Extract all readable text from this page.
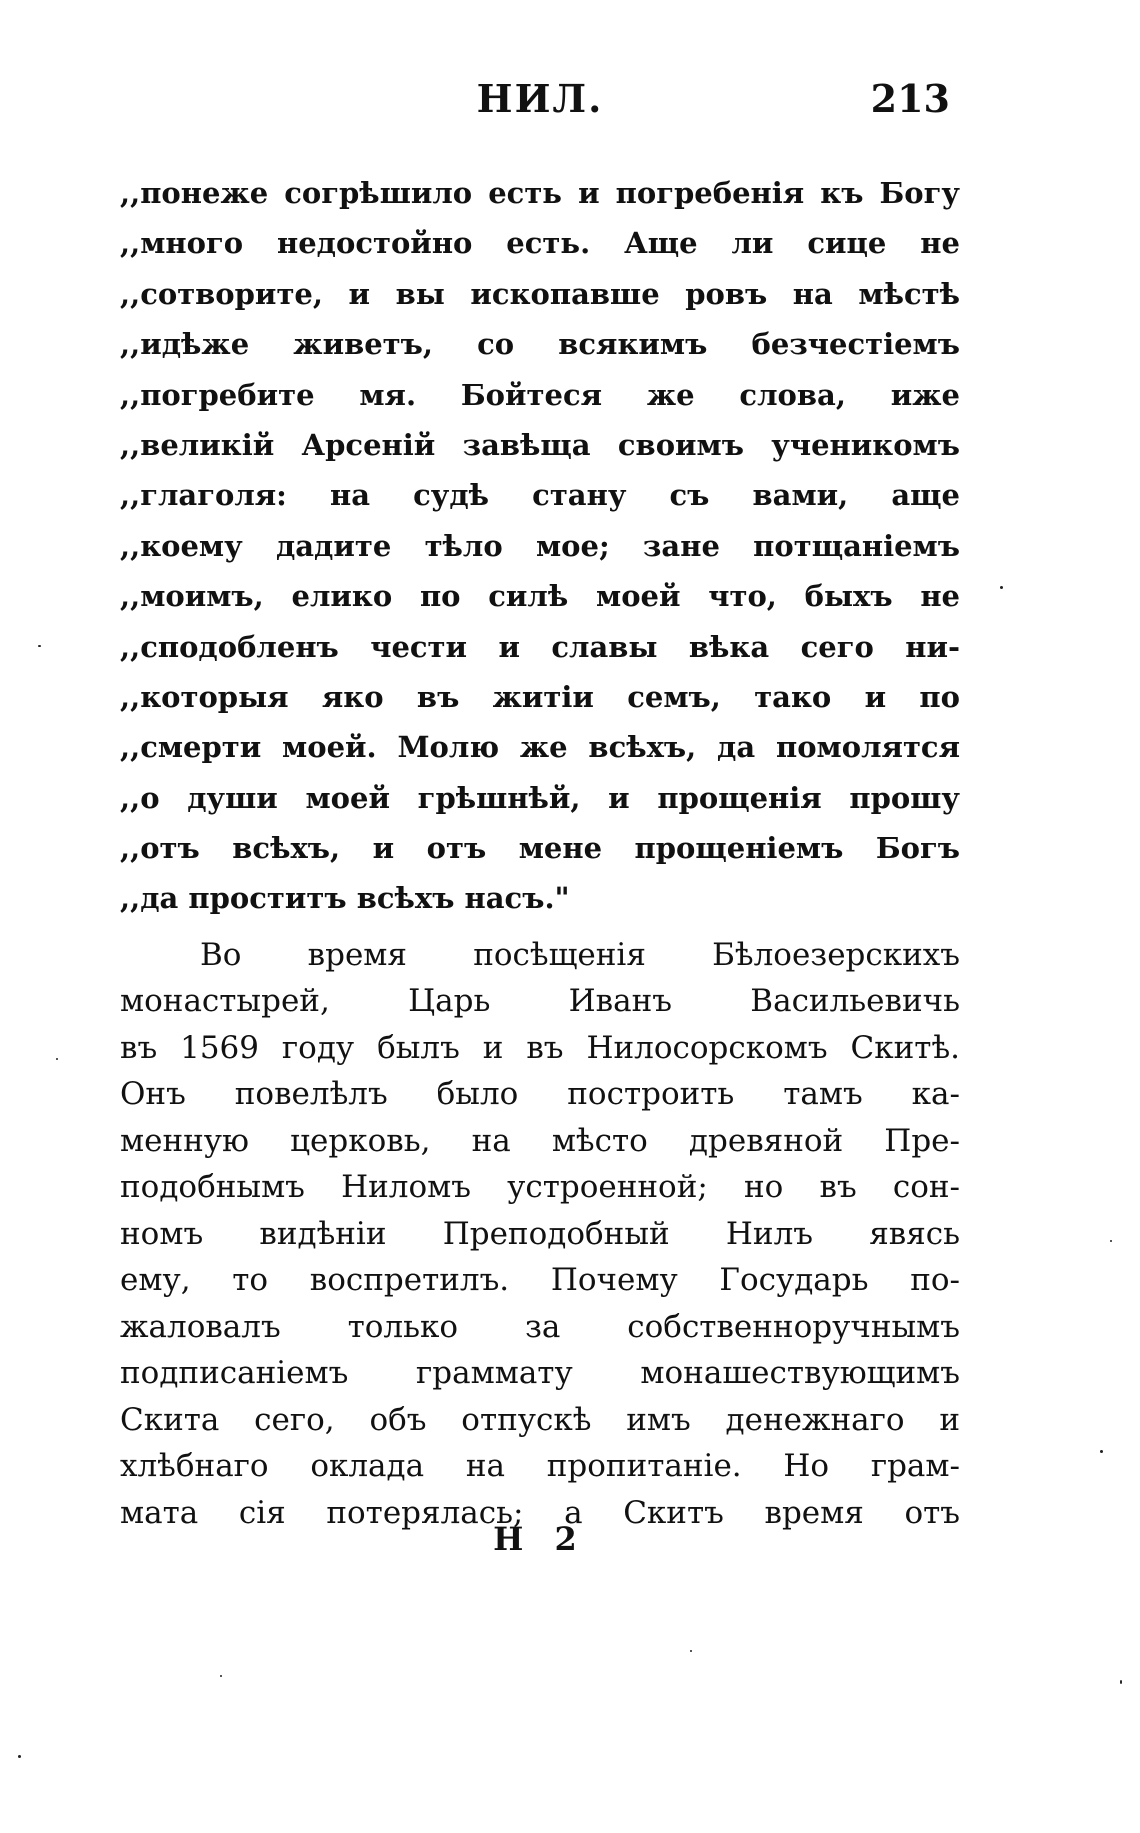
НИЛ.	213
,,понеже согрѣшило есть и погребенія къ Богу
,,много недостойно есть. Аще ли сице не
,,сотворите, и вы ископавше ровъ на мѣстѣ
,,идѣже живетъ, со всякимъ безчестіемъ
,,погребите мя. Бойтеся же слова, иже
,,великій Арсеній завѣща своимъ ученикомъ
,,глаголя: на судѣ стану съ вами, аще
,,коему дадите тѣло мое; зане потщаніемъ
,,моимъ, елико по силѣ моей что, быхъ не
,,сподобленъ чести и славы вѣка сего ни-
,,которыя яко въ житіи семъ, тако и по
,,смерти моей. Молю же всѣхъ, да помолятся
,,о души моей грѣшнѣй, и прощенія прошу
,,отъ всѣхъ, и отъ мене прощеніемъ Богъ
,,да проститъ всѣхъ насъ."
Во время посѣщенія Бѣлоезерскихъ
монастырей, Царь Иванъ Васильевичь
въ 1569 году былъ и въ Нилосорскомъ Скитѣ.
Онъ повелѣлъ было построить тамъ ка-
менную церковь, на мѣсто древяной Пре-
подобнымъ Ниломъ устроенной; но въ сон-
номъ видѣніи Преподобный Нилъ явясь
ему, то воспретилъ. Почему Государь по-
жаловалъ только за собственноручнымъ
подписаніемъ граммату монашествующимъ
Скита сего, объ отпускѣ имъ денежнаго и
хлѣбнаго оклада на пропитаніе. Но грам-
мата сія потерялась; а Скитъ время отъ
Н 2
